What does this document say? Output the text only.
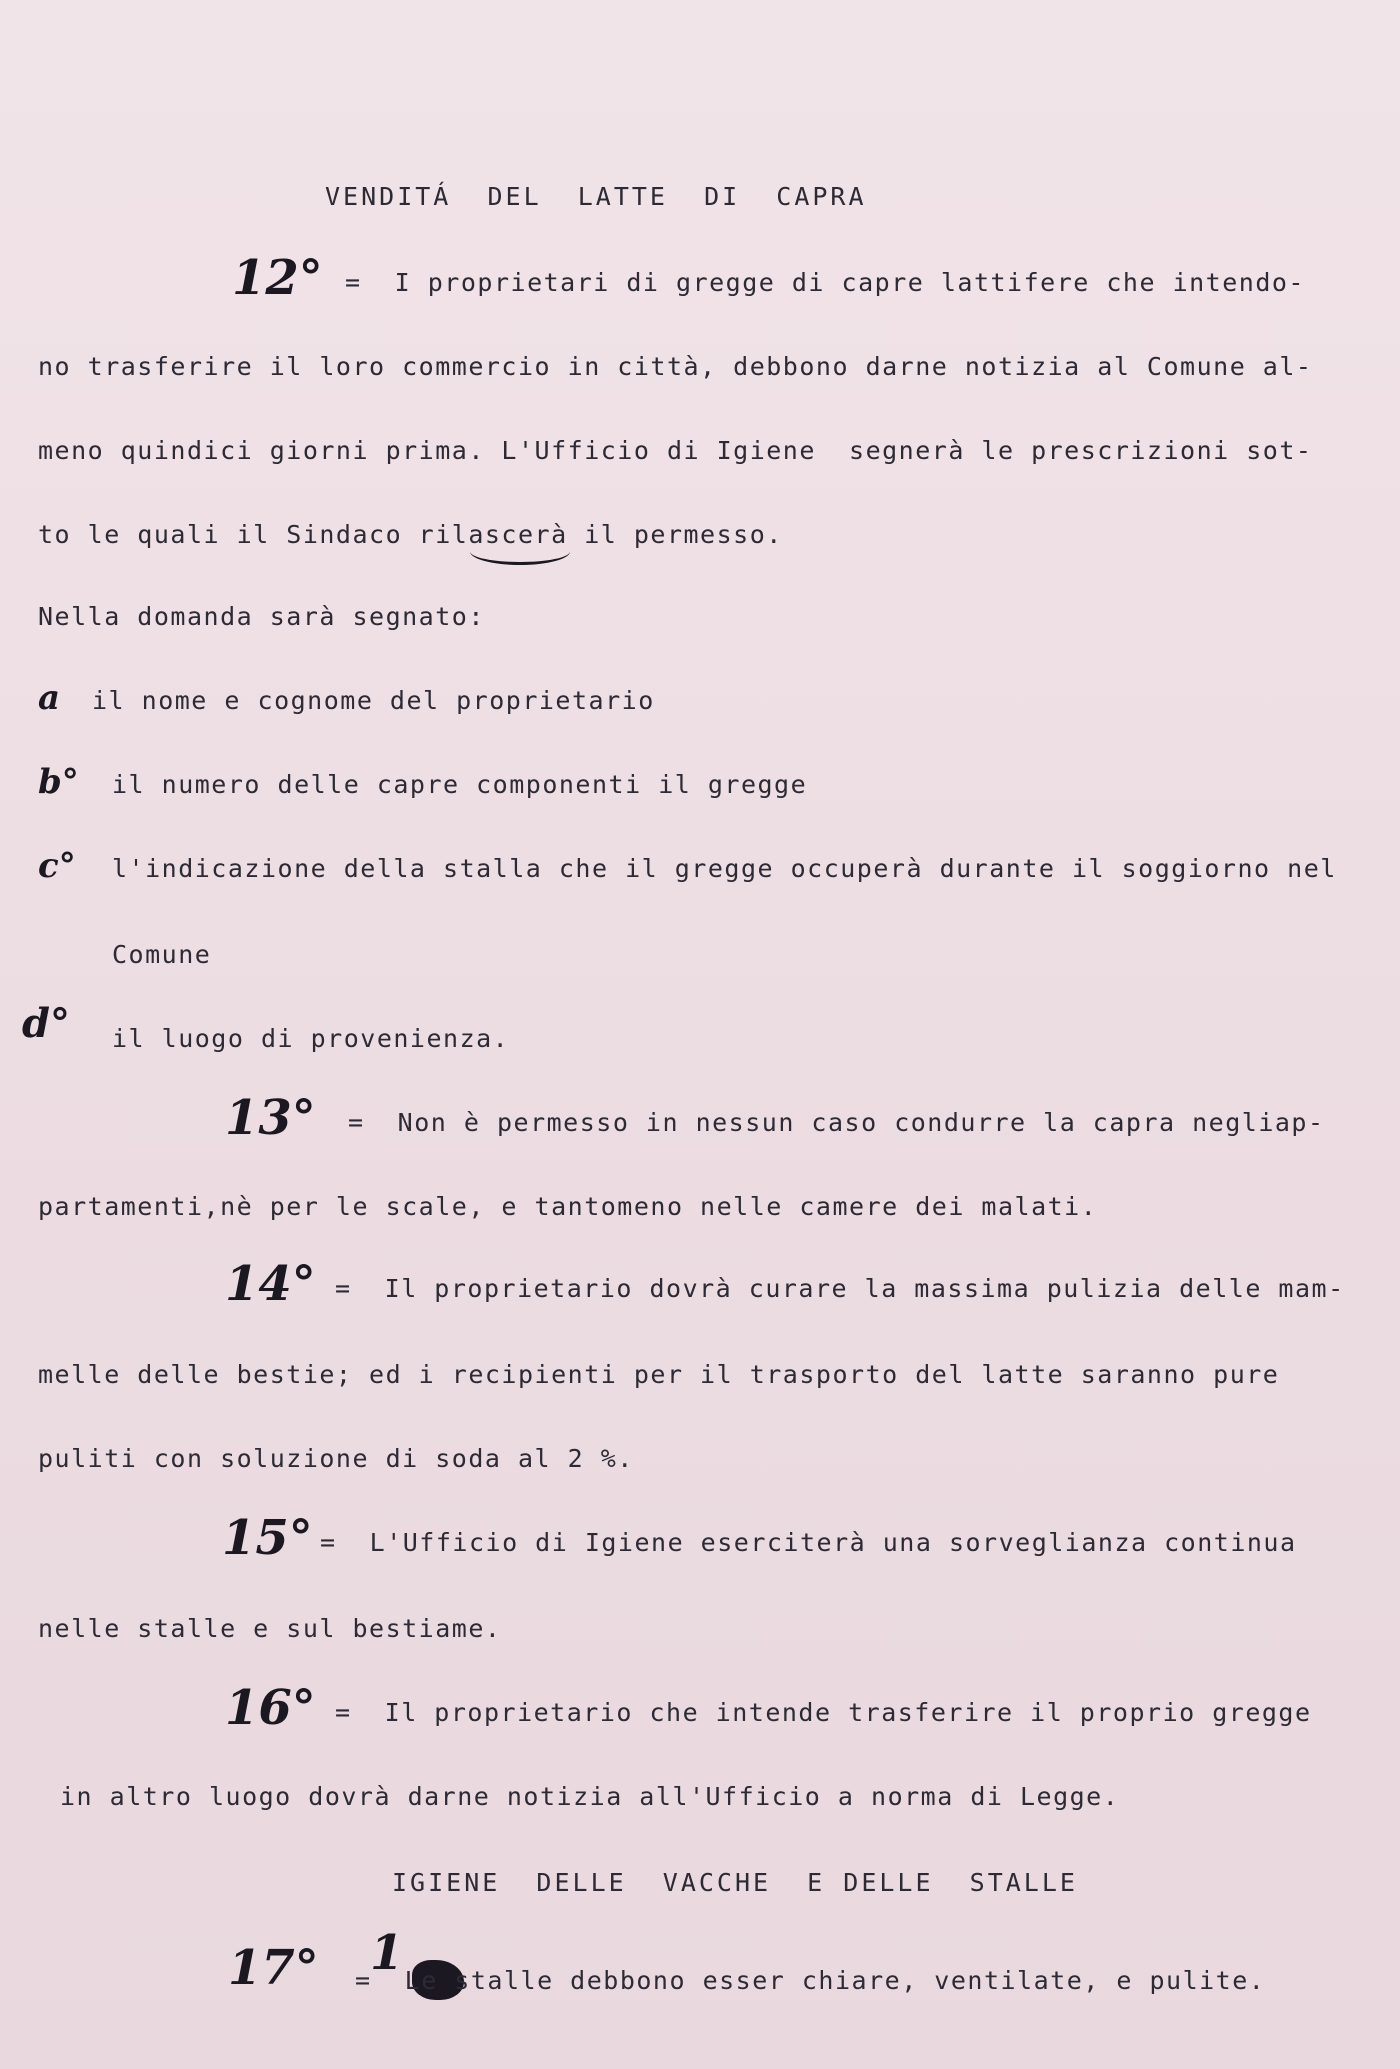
VENDITÁ  DEL  LATTE  DI  CAPRA
12° =  I proprietari di gregge di capre lattifere che intendo-
no trasferire il loro commercio in città, debbono darne notizia al Comune al-
meno quindici giorni prima. L'Ufficio di Igiene  segnerà le prescrizioni sot-
to le quali il Sindaco rilascerà il permesso.
Nella domanda sarà segnato:
a il nome e cognome del proprietario
b° il numero delle capre componenti il gregge
c° l'indicazione della stalla che il gregge occuperà durante il soggiorno nel
Comune
d° il luogo di provenienza.
13° =  Non è permesso in nessun caso condurre la capra negliap-
partamenti,nè per le scale, e tantomeno nelle camere dei malati.
14° =  Il proprietario dovrà curare la massima pulizia delle mam-
melle delle bestie; ed i recipienti per il trasporto del latte saranno pure
puliti con soluzione di soda al 2 %.
15° =  L'Ufficio di Igiene eserciterà una sorveglianza continua
nelle stalle e sul bestiame.
16° =  Il proprietario che intende trasferire il proprio gregge
in altro luogo dovrà darne notizia all'Ufficio a norma di Legge.
IGIENE  DELLE  VACCHE  E DELLE  STALLE
17° 1
=  Le stalle debbono esser chiare, ventilate, e pulite.
